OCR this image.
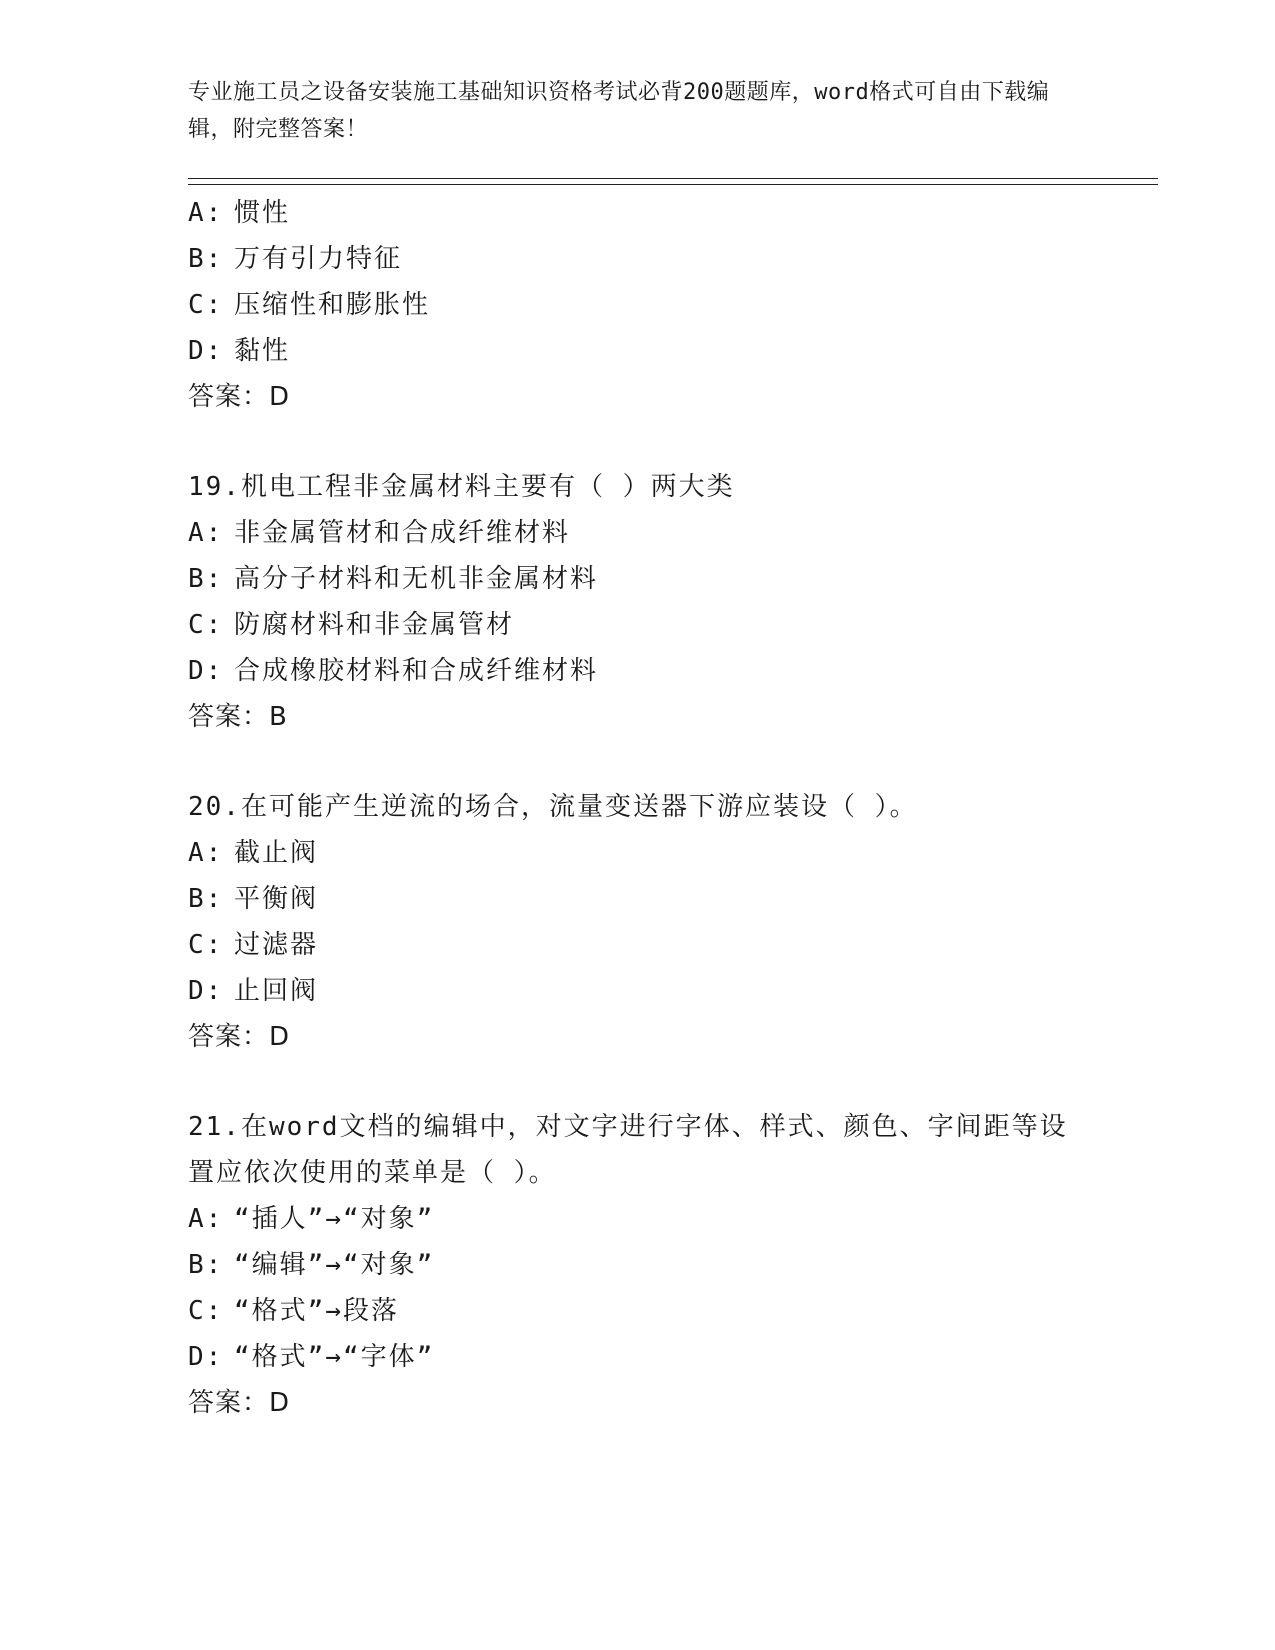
专业施工员之设备安装施工基础知识资格考试必背200题题库，word格式可自由下载编辑，附完整答案！
A: 惯性
B: 万有引力特征
C: 压缩性和膨胀性
D: 黏性
答案：D
19.机电工程非金属材料主要有（ ）两大类
A: 非金属管材和合成纤维材料
B: 高分子材料和无机非金属材料
C: 防腐材料和非金属管材
D: 合成橡胶材料和合成纤维材料
答案：B
20.在可能产生逆流的场合，流量变送器下游应装设（ ）。
A: 截止阀
B: 平衡阀
C: 过滤器
D: 止回阀
答案：D
21.在word文档的编辑中，对文字进行字体、样式、颜色、字间距等设置应依次使用的菜单是（ ）。
A: “插人”→“对象”
B: “编辑”→“对象”
C: “格式”→段落
D: “格式”→“字体”
答案：D
